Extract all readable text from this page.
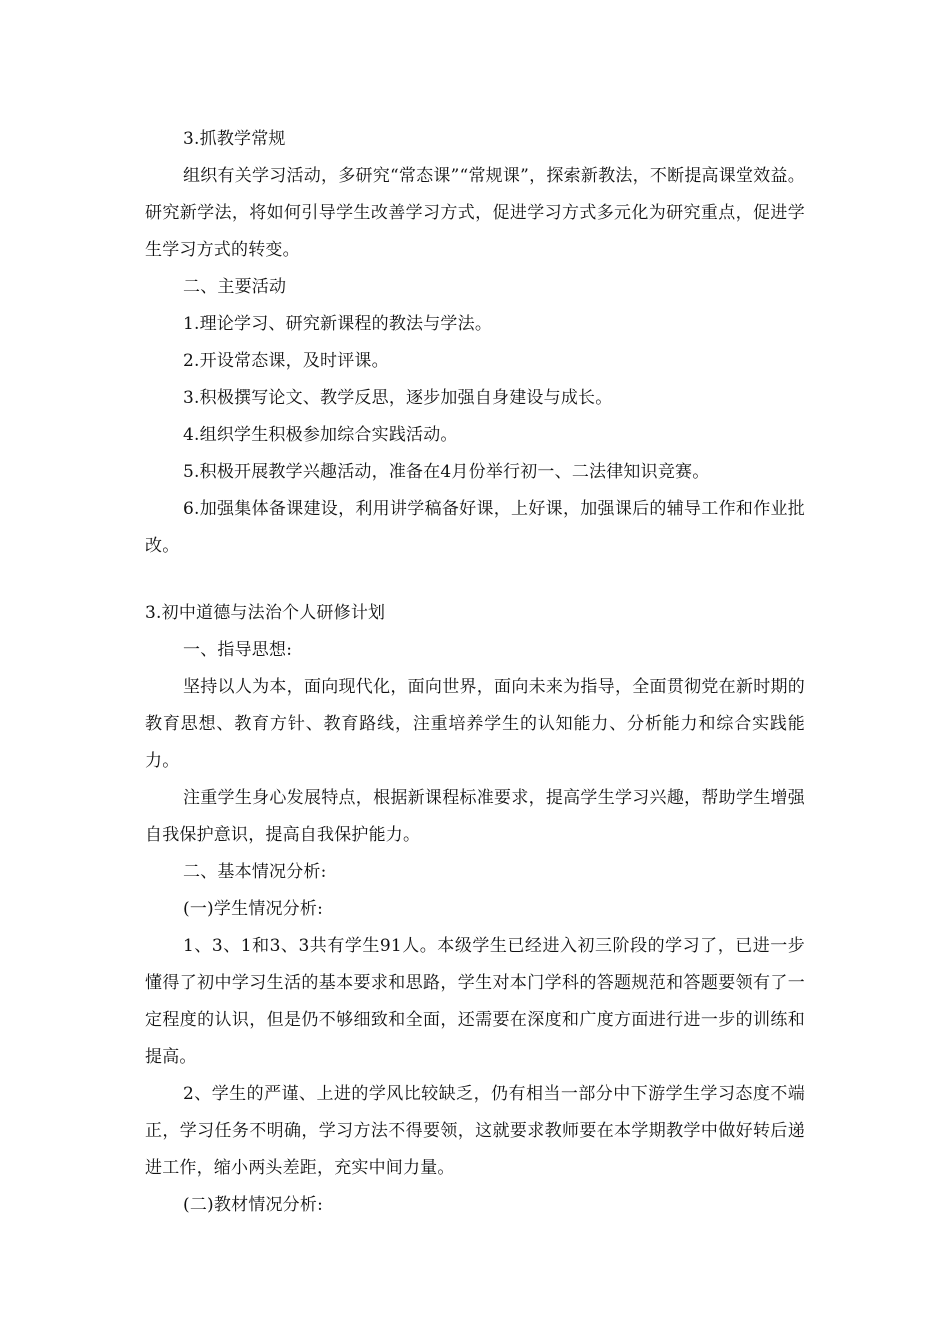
3.抓教学常规

组织有关学习活动，多研究“常态课”“常规课”，探索新教法，不断提高课堂效益。研究新学法，将如何引导学生改善学习方式，促进学习方式多元化为研究重点，促进学生学习方式的转变。

二、主要活动

1.理论学习、研究新课程的教法与学法。

2.开设常态课，及时评课。

3.积极撰写论文、教学反思，逐步加强自身建设与成长。

4.组织学生积极参加综合实践活动。

5.积极开展教学兴趣活动，准备在4月份举行初一、二法律知识竞赛。

6.加强集体备课建设，利用讲学稿备好课，上好课，加强课后的辅导工作和作业批改。

3.初中道德与法治个人研修计划

一、指导思想:

坚持以人为本，面向现代化，面向世界，面向未来为指导，全面贯彻党在新时期的教育思想、教育方针、教育路线，注重培养学生的认知能力、分析能力和综合实践能力。

注重学生身心发展特点，根据新课程标准要求，提高学生学习兴趣，帮助学生增强自我保护意识，提高自我保护能力。

二、基本情况分析:

(一)学生情况分析:

1、3、1和3、3共有学生91人。本级学生已经进入初三阶段的学习了，已进一步懂得了初中学习生活的基本要求和思路，学生对本门学科的答题规范和答题要领有了一定程度的认识，但是仍不够细致和全面，还需要在深度和广度方面进行进一步的训练和提高。

2、学生的严谨、上进的学风比较缺乏，仍有相当一部分中下游学生学习态度不端正，学习任务不明确，学习方法不得要领，这就要求教师要在本学期教学中做好转后递进工作，缩小两头差距，充实中间力量。

(二)教材情况分析:
